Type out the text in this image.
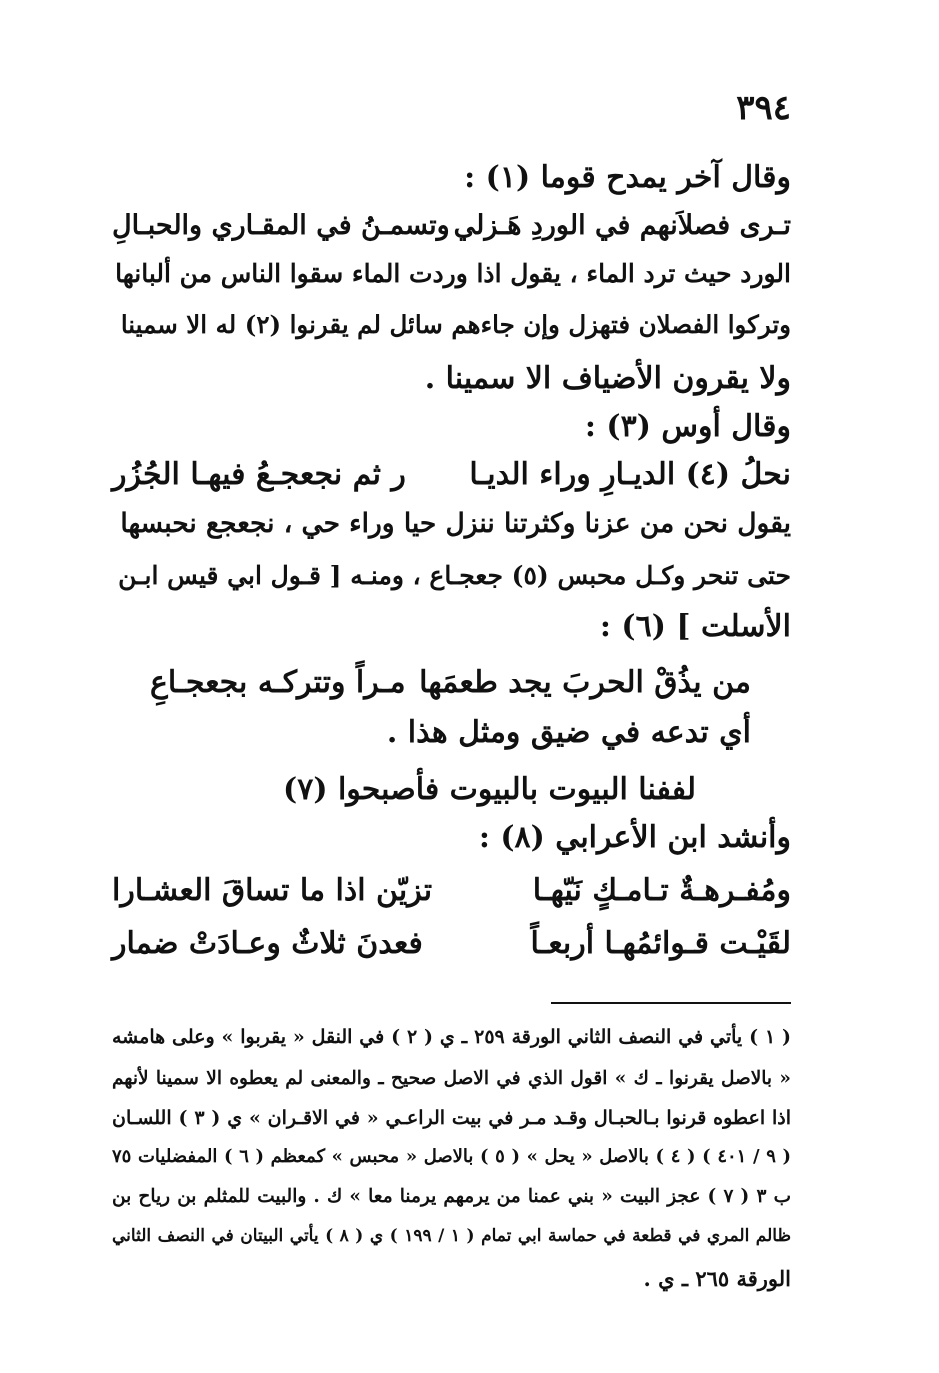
٣٩٤
وقال آخر يمدح قوما (١) :
تـرى فصلاَنهم في الوردِ هَـزلي
وتسمـنُ في المقـاري والحبـالِ
الورد حيث ترد الماء ، يقول اذا وردت الماء سقوا الناس من ألبانها
وتركوا الفصلان فتهزل وإن جاءهم سائل لم يقرنوا (٢) له الا سمينا
ولا يقرون الأضياف الا سمينا .
وقال أوس (٣) :
نحلُ (٤) الديـارِ وراء الديـا
ر ثم نجعجـعُ فيهـا الجُزُر
يقول نحن من عزنا وكثرتنا ننزل حيا وراء حي ، نجعجع نحبسها
حتى تنحر وكـل محبس (٥) جعجـاع ، ومنـه [ قـول ابي قيس ابـن
الأسلت ] (٦) :
من يذُقْ الحربَ يجد طعمَها
مـراً وتتركـه بجعجـاعِ
أي تدعه في ضيق ومثل هذا .
لففنا البيوت بالبيوت فأصبحوا (٧)
وأنشد ابن الأعرابي (٨) :
ومُفـرهـةٌ تـامـكٍ نَيّهـا
تزيّن اذا ما تساقَ العشـارا
لقَيْـت قـوائمُهـا أربعـاً
فعدنَ ثلاثٌ وعـادَتْ ضمار
( ١ ) يأتي في النصف الثاني الورقة ٢٥٩ ـ ي ( ٢ ) في النقل « يقربوا » وعلى هامشه
« بالاصل يقرنوا ـ ك » اقول الذي في الاصل صحيح ـ والمعنى لم يعطوه الا سمينا لأنهم
اذا اعطوه قرنوا بـالحبـال وقـد مـر في بيت الراعـي « في الاقـران » ي ( ٣ ) اللسـان
( ٩ / ٤٠١ ) ( ٤ ) بالاصل « يحل » ( ٥ ) بالاصل « محبس » كمعظم ( ٦ ) المفضليات ٧٥
ب ٣ ( ٧ ) عجز البيت « بني عمنا من يرمهم يرمنا معا » ك . والبيت للمثلم بن رياح بن
ظالم المري في قطعة في حماسة ابي تمام ( ١ / ١٩٩ ) ي ( ٨ ) يأتي البيتان في النصف الثاني
الورقة ٢٦٥ ـ ي .
